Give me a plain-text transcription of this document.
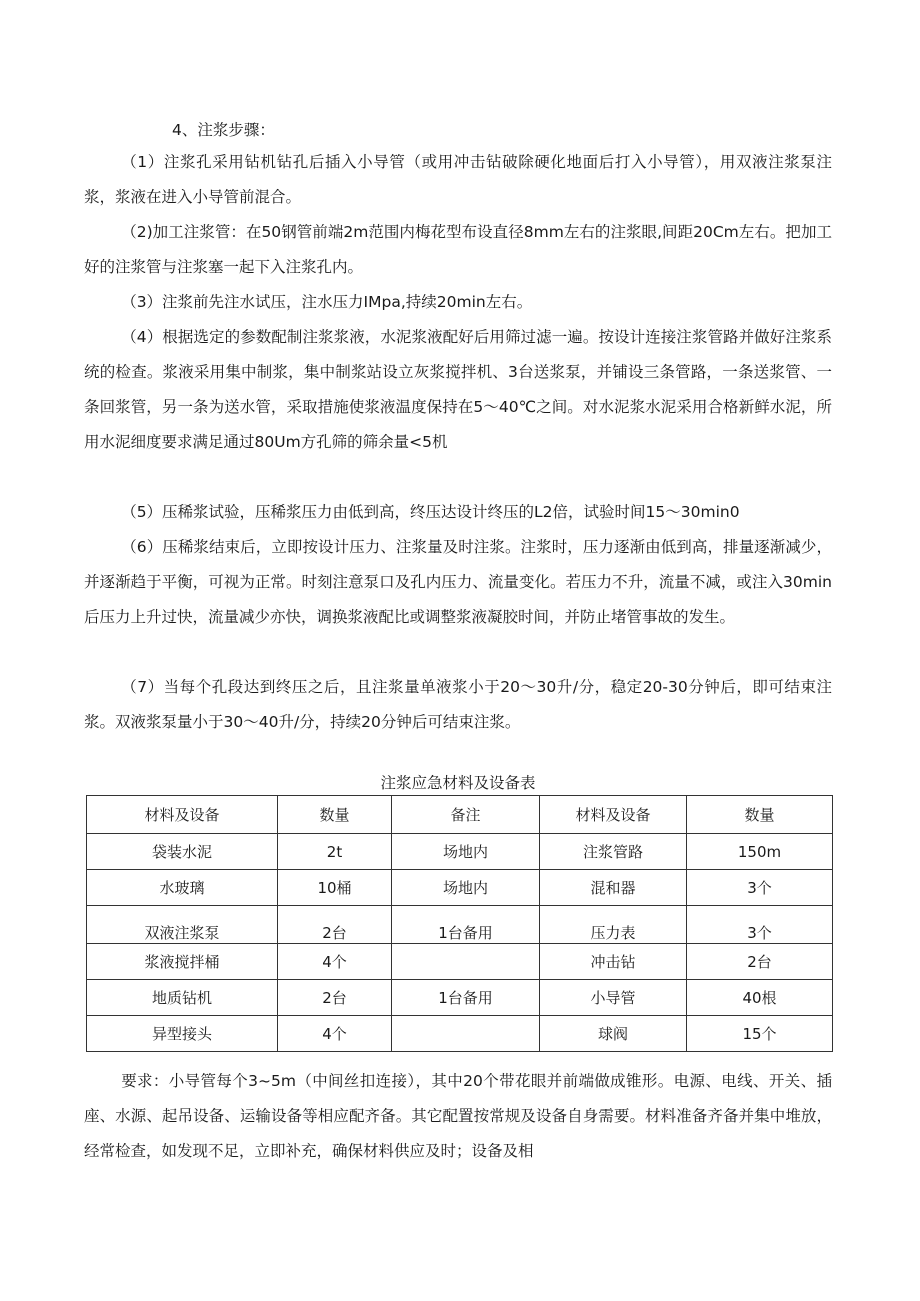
4、注浆步骤：
（1）注浆孔采用钻机钻孔后插入小导管（或用冲击钻破除硬化地面后打入小导管），用双液注浆泵注浆，浆液在进入小导管前混合。
（2)加工注浆管：在50钢管前端2m范围内梅花型布设直径8mm左右的注浆眼,间距20Cm左右。把加工好的注浆管与注浆塞一起下入注浆孔内。
（3）注浆前先注水试压，注水压力IMpa,持续20min左右。
（4）根据选定的参数配制注浆浆液，水泥浆液配好后用筛过滤一遍。按设计连接注浆管路并做好注浆系统的检查。浆液采用集中制浆，集中制浆站设立灰浆搅拌机、3台送浆泵，并铺设三条管路，一条送浆管、一条回浆管，另一条为送水管，采取措施使浆液温度保持在5～40℃之间。对水泥浆水泥采用合格新鲜水泥，所用水泥细度要求满足通过80Um方孔筛的筛余量<5机
（5）压稀浆试验，压稀浆压力由低到高，终压达设计终压的L2倍，试验时间15～30min0
（6）压稀浆结束后，立即按设计压力、注浆量及时注浆。注浆时，压力逐渐由低到高，排量逐渐减少，并逐渐趋于平衡，可视为正常。时刻注意泵口及孔内压力、流量变化。若压力不升，流量不减，或注入30min后压力上升过快，流量减少亦快，调换浆液配比或调整浆液凝胶时间，并防止堵管事故的发生。
（7）当每个孔段达到终压之后，且注浆量单液浆小于20～30升/分，稳定20-30分钟后，即可结束注浆。双液浆泵量小于30～40升/分，持续20分钟后可结束注浆。
注浆应急材料及设备表
材料及设备	数量	备注	材料及设备	数量
袋装水泥	2t	场地内	注浆管路	150m
水玻璃	10桶	场地内	混和器	3个
双液注浆泵	2台	1台备用	压力表	3个
浆液搅拌桶	4个		冲击钻	2台
地质钻机	2台	1台备用	小导管	40根
异型接头	4个		球阀	15个
要求：小导管每个3~5m（中间丝扣连接），其中20个带花眼并前端做成锥形。电源、电线、开关、插座、水源、起吊设备、运输设备等相应配齐备。其它配置按常规及设备自身需要。材料准备齐备并集中堆放，经常检查，如发现不足，立即补充，确保材料供应及时；设备及相
